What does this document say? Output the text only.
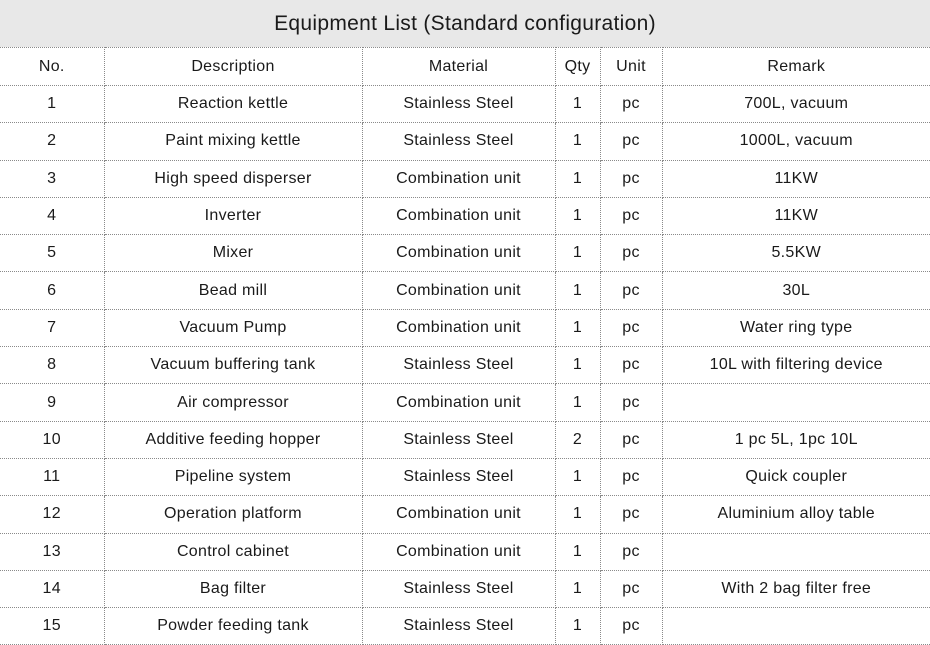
Equipment List (Standard configuration)
No.	Description	Material	Qty	Unit	Remark
1	Reaction kettle	Stainless Steel	1	pc	700L, vacuum
2	Paint mixing kettle	Stainless Steel	1	pc	1000L, vacuum
3	High speed disperser	Combination unit	1	pc	11KW
4	Inverter	Combination unit	1	pc	11KW
5	Mixer	Combination unit	1	pc	5.5KW
6	Bead mill	Combination unit	1	pc	30L
7	Vacuum Pump	Combination unit	1	pc	Water ring type
8	Vacuum buffering tank	Stainless Steel	1	pc	10L with filtering device
9	Air compressor	Combination unit	1	pc	
10	Additive feeding hopper	Stainless Steel	2	pc	1 pc 5L, 1pc 10L
11	Pipeline system	Stainless Steel	1	pc	Quick coupler
12	Operation platform	Combination unit	1	pc	Aluminium alloy table
13	Control cabinet	Combination unit	1	pc	
14	Bag filter	Stainless Steel	1	pc	With 2 bag filter free
15	Powder feeding tank	Stainless Steel	1	pc	
